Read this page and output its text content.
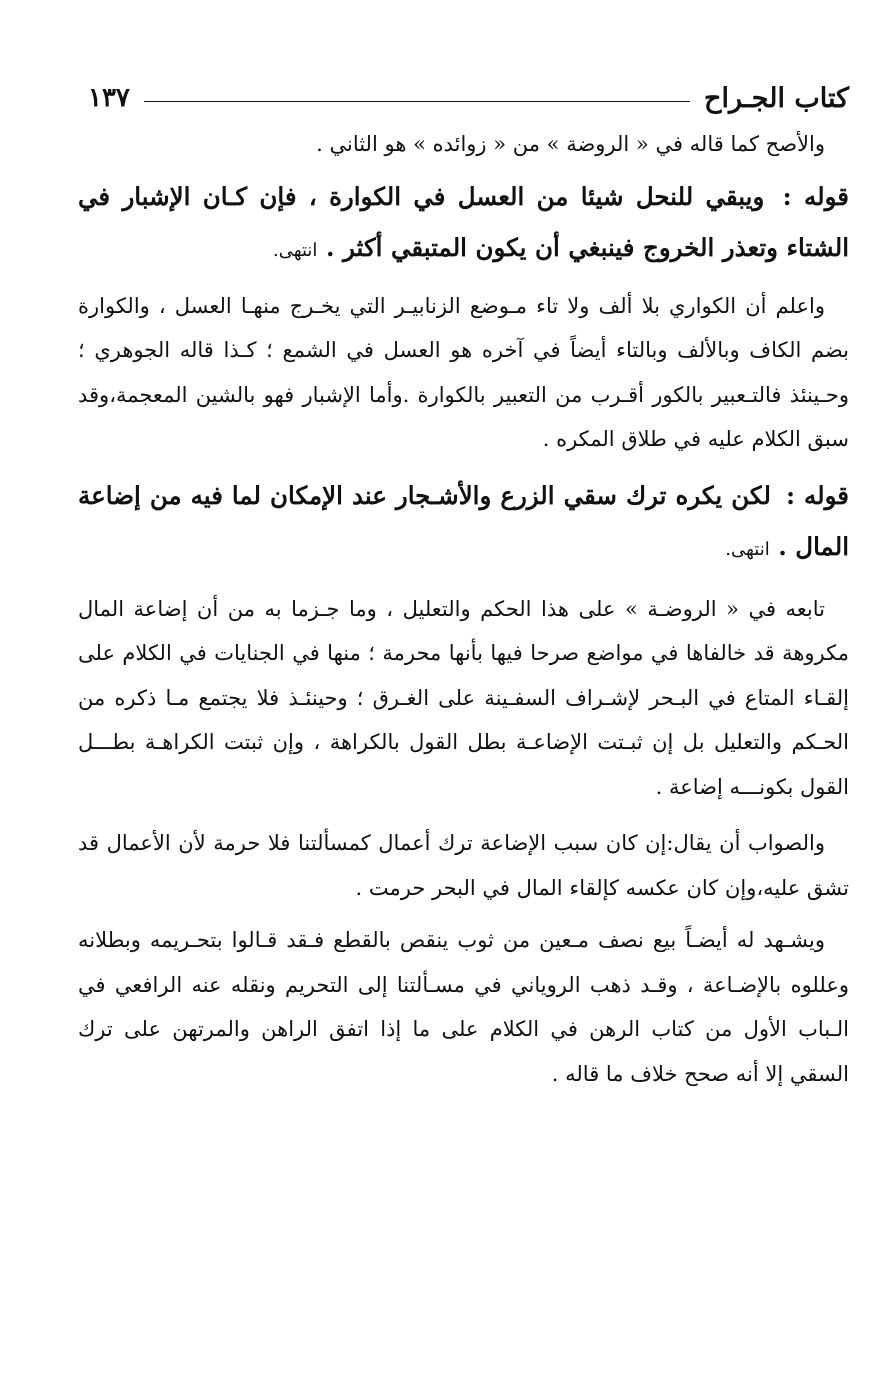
كتاب الجـراح
١٣٧

والأصح كما قاله في « الروضة » من « زوائده » هو الثاني .

قوله : ويبقي للنحل شيئا من العسل في الكوارة ، فإن كـان الإشبار في الشتاء وتعذر الخروج فينبغي أن يكون المتبقي أكثر . انتهى.

واعلم أن الكواري بلا ألف ولا تاء مـوضع الزنابيـر التي يخـرج منهـا العسل ، والكوارة بضم الكاف وبالألف وبالتاء أيضاً في آخره هو العسل في الشمع ؛ كـذا قاله الجوهري ؛ وحـينئذ فالتـعبير بالكور أقـرب من التعبير بالكوارة .وأما الإشبار فهو بالشين المعجمة،وقد سبق الكلام عليه في طلاق المكره .

قوله : لكن يكره ترك سقي الزرع والأشـجار عند الإمكان لما فيه من إضاعة المال . انتهى.

تابعه في « الروضـة » على هذا الحكم والتعليل ، وما جـزما به من أن إضاعة المال مكروهة قد خالفاها في مواضع صرحا فيها بأنها محرمة ؛ منها في الجنايات في الكلام على إلقـاء المتاع في البـحر لإشـراف السفـينة على الغـرق ؛ وحينئـذ فلا يجتمع مـا ذكره من الحـكم والتعليل بل إن ثبـتت الإضاعـة بطل القول بالكراهة ، وإن ثبتت الكراهـة بطـــل القول بكونـــه إضاعة .

والصواب أن يقال:إن كان سبب الإضاعة ترك أعمال كمسألتنا فلا حرمة لأن الأعمال قد تشق عليه،وإن كان عكسه كإلقاء المال في البحر حرمت .

ويشـهد له أيضـاً بيع نصف مـعين من ثوب ينقص بالقطع فـقد قـالوا بتحـريمه وبطلانه وعللوه بالإضـاعة ، وقـد ذهب الروياني في مسـألتنا إلى التحريم ونقله عنه الرافعي في الـباب الأول من كتاب الرهن في الكلام على ما إذا اتفق الراهن والمرتهن على ترك السقي إلا أنه صحح خلاف ما قاله .
